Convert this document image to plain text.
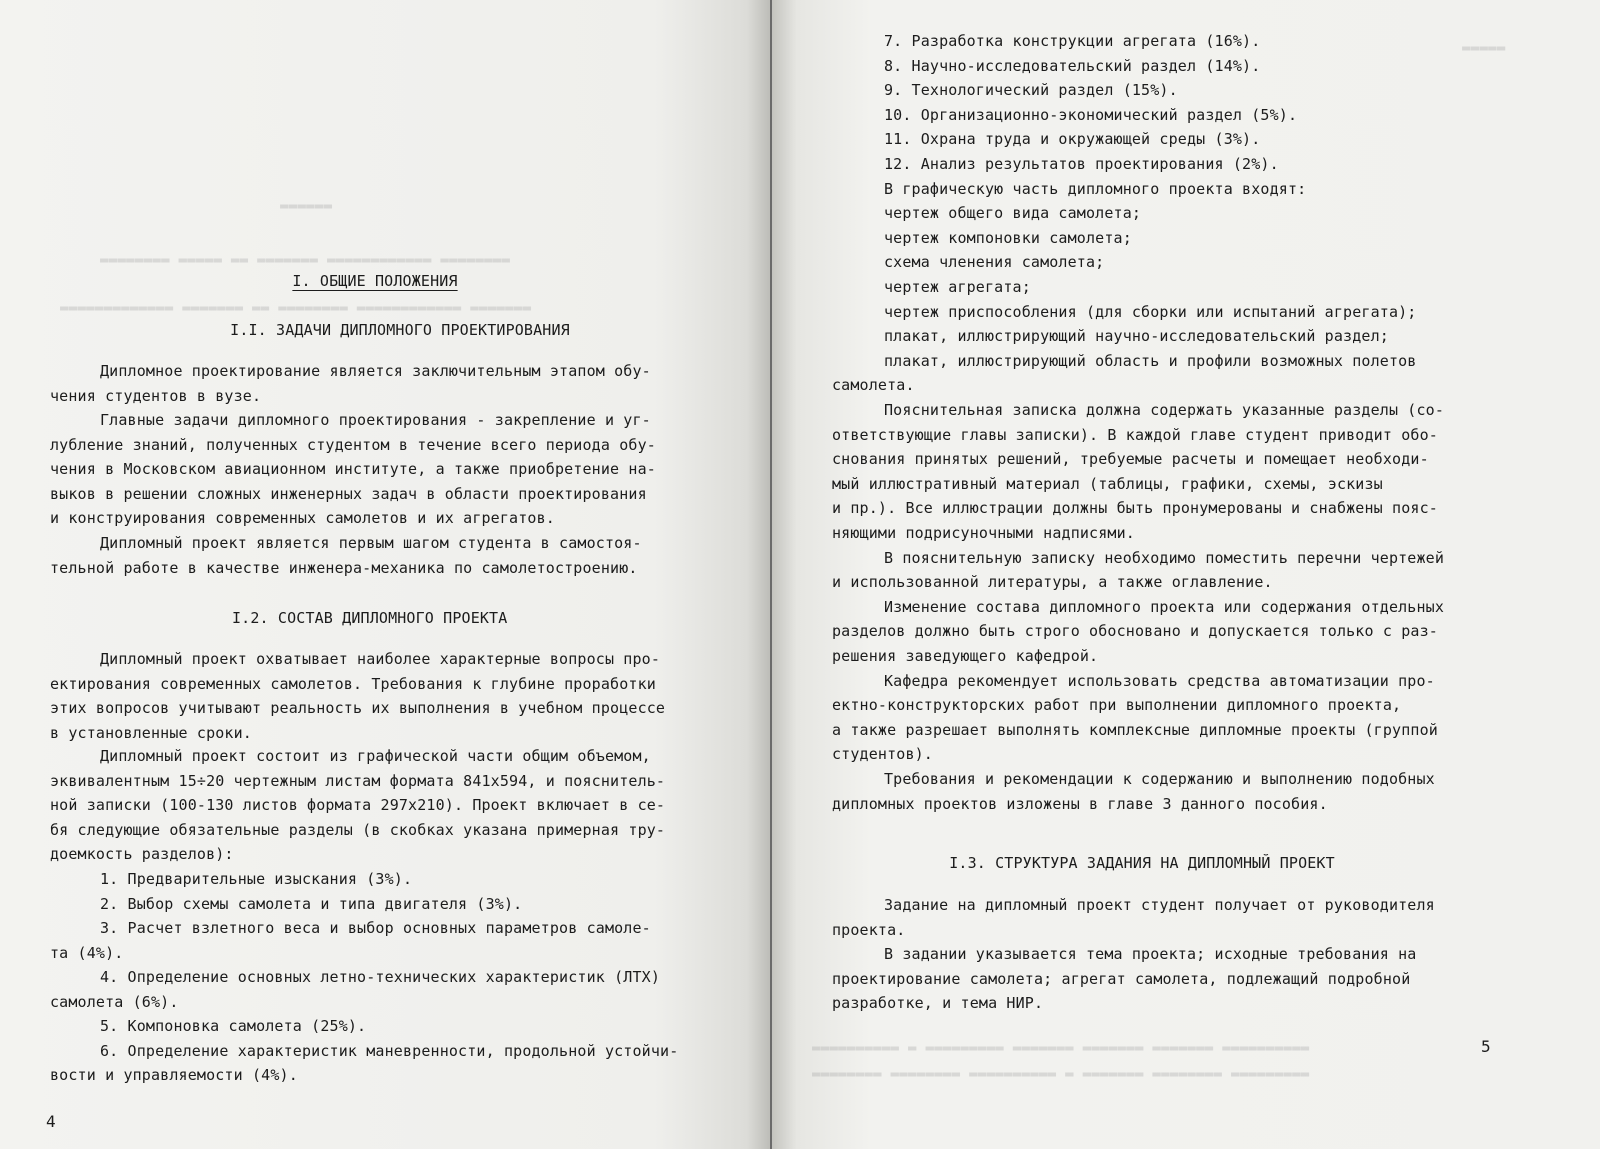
▬▬▬▬▬▬
▬▬▬▬▬▬▬▬ ▬▬▬▬▬ ▬▬ ▬▬▬▬▬▬▬ ▬▬▬▬▬▬▬▬▬▬▬▬ ▬▬▬▬▬▬▬▬
▬▬▬▬▬▬▬▬▬▬▬▬▬ ▬▬▬▬▬▬▬ ▬▬ ▬▬▬▬▬▬▬▬ ▬▬▬▬▬▬▬▬▬▬▬▬ ▬▬▬▬▬▬▬
I. ОБЩИЕ ПОЛОЖЕНИЯ
I.I. ЗАДАЧИ ДИПЛОМНОГО ПРОЕКТИРОВАНИЯ
Дипломное проектирование является заключительным этапом обу-
чения студентов в вузе.
Главные задачи дипломного проектирования - закрепление и уг-
лубление знаний, полученных студентом в течение всего периода обу-
чения в Московском авиационном институте, а также приобретение на-
выков в решении сложных инженерных задач в области проектирования
и конструирования современных самолетов и их агрегатов.
Дипломный проект является первым шагом студента в самостоя-
тельной работе в качестве инженера-механика по самолетостроению.
I.2. СОСТАВ ДИПЛОМНОГО ПРОЕКТА
Дипломный проект охватывает наиболее характерные вопросы про-
ектирования современных самолетов. Требования к глубине проработки
этих вопросов учитывают реальность их выполнения в учебном процессе
в установленные сроки.
Дипломный проект состоит из графической части общим объемом,
эквивалентным 15÷20 чертежным листам формата 841x594, и пояснитель-
ной записки (100-130 листов формата 297x210). Проект включает в се-
бя следующие обязательные разделы (в скобках указана примерная тру-
доемкость разделов):
1. Предварительные изыскания (3%).
2. Выбор схемы самолета и типа двигателя (3%).
3. Расчет взлетного веса и выбор основных параметров самоле-
та (4%).
4. Определение основных летно-технических характеристик (ЛТХ)
самолета (6%).
5. Компоновка самолета (25%).
6. Определение характеристик маневренности, продольной устойчи-
вости и управляемости (4%).
4
▬▬▬▬▬
▬▬▬▬▬▬▬▬▬▬ ▬ ▬▬▬▬▬▬▬▬▬ ▬▬▬▬▬▬▬ ▬▬▬▬▬▬▬ ▬▬▬▬▬▬▬ ▬▬▬▬▬▬▬▬▬▬
▬▬▬▬▬▬▬▬ ▬▬▬▬▬▬▬▬ ▬▬▬▬▬▬▬▬▬▬ ▬ ▬▬▬▬▬▬▬ ▬▬▬▬▬▬▬▬ ▬▬▬▬▬▬▬▬▬
7. Разработка конструкции агрегата (16%).
8. Научно-исследовательский раздел (14%).
9. Технологический раздел (15%).
10. Организационно-экономический раздел (5%).
11. Охрана труда и окружающей среды (3%).
12. Анализ результатов проектирования (2%).
В графическую часть дипломного проекта входят:
чертеж общего вида самолета;
чертеж компоновки самолета;
схема членения самолета;
чертеж агрегата;
чертеж приспособления (для сборки или испытаний агрегата);
плакат, иллюстрирующий научно-исследовательский раздел;
плакат, иллюстрирующий область и профили возможных полетов
самолета.
Пояснительная записка должна содержать указанные разделы (со-
ответствующие главы записки). В каждой главе студент приводит обо-
снования принятых решений, требуемые расчеты и помещает необходи-
мый иллюстративный материал (таблицы, графики, схемы, эскизы
и пр.). Все иллюстрации должны быть пронумерованы и снабжены пояс-
няющими подрисуночными надписями.
В пояснительную записку необходимо поместить перечни чертежей
и использованной литературы, а также оглавление.
Изменение состава дипломного проекта или содержания отдельных
разделов должно быть строго обосновано и допускается только с раз-
решения заведующего кафедрой.
Кафедра рекомендует использовать средства автоматизации про-
ектно-конструкторских работ при выполнении дипломного проекта,
а также разрешает выполнять комплексные дипломные проекты (группой
студентов).
Требования и рекомендации к содержанию и выполнению подобных
дипломных проектов изложены в главе 3 данного пособия.
Задание на дипломный проект студент получает от руководителя
проекта.
В задании указывается тема проекта; исходные требования на
проектирование самолета; агрегат самолета, подлежащий подробной
разработке, и тема НИР.
I.3. СТРУКТУРА ЗАДАНИЯ НА ДИПЛОМНЫЙ ПРОЕКТ
5
